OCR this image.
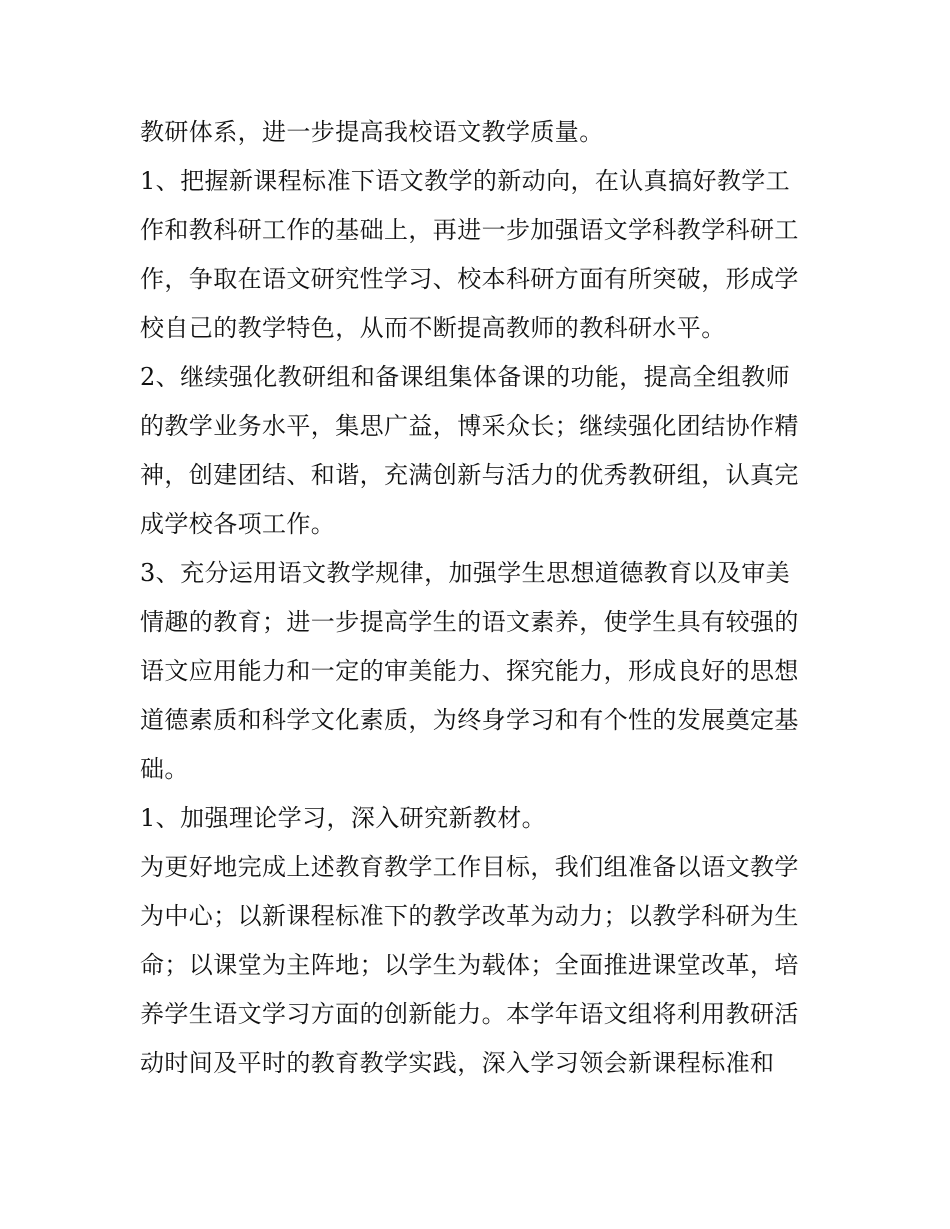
教研体系，进一步提高我校语文教学质量。
1、把握新课程标准下语文教学的新动向，在认真搞好教学工
作和教科研工作的基础上，再进一步加强语文学科教学科研工
作，争取在语文研究性学习、校本科研方面有所突破，形成学
校自己的教学特色，从而不断提高教师的教科研水平。
2、继续强化教研组和备课组集体备课的功能，提高全组教师
的教学业务水平，集思广益，博采众长；继续强化团结协作精
神，创建团结、和谐，充满创新与活力的优秀教研组，认真完
成学校各项工作。
3、充分运用语文教学规律，加强学生思想道德教育以及审美
情趣的教育；进一步提高学生的语文素养，使学生具有较强的
语文应用能力和一定的审美能力、探究能力，形成良好的思想
道德素质和科学文化素质，为终身学习和有个性的发展奠定基
础。
1、加强理论学习，深入研究新教材。
为更好地完成上述教育教学工作目标，我们组准备以语文教学
为中心；以新课程标准下的教学改革为动力；以教学科研为生
命；以课堂为主阵地；以学生为载体；全面推进课堂改革，培
养学生语文学习方面的创新能力。本学年语文组将利用教研活
动时间及平时的教育教学实践，深入学习领会新课程标准和
